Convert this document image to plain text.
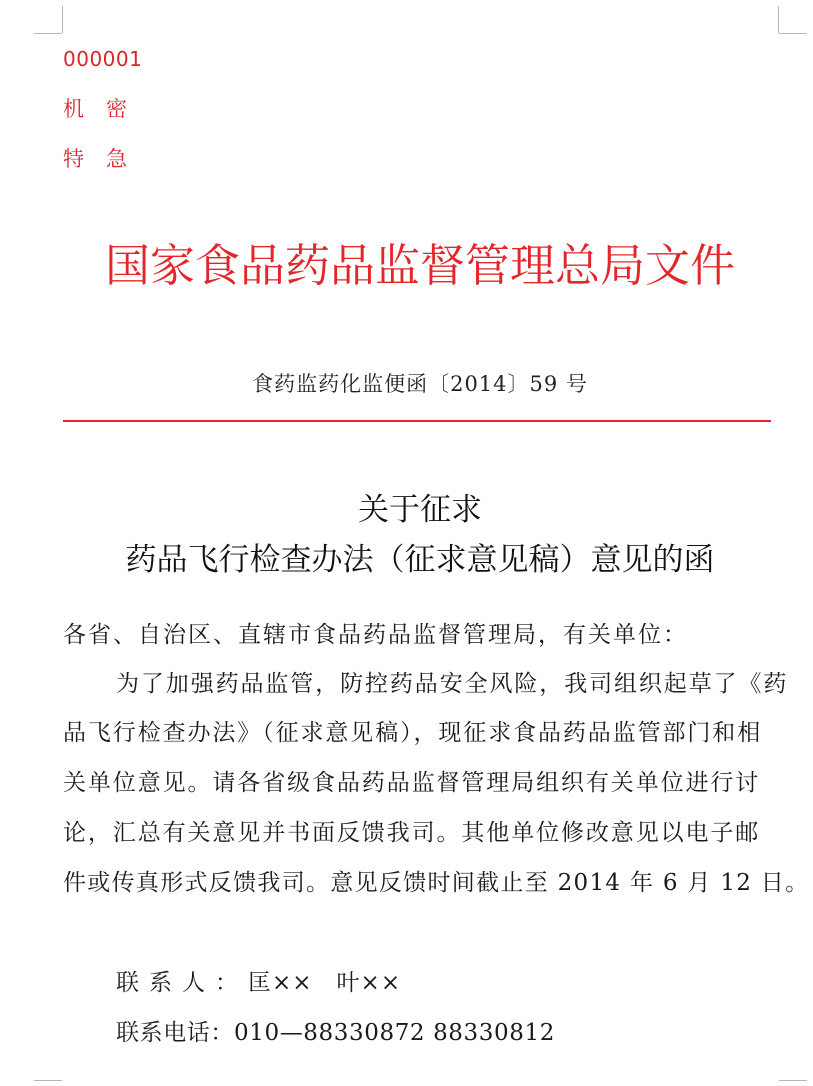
000001
机密
特急
国家食品药品监督管理总局文件
食药监药化监便函〔2014〕59 号
关于征求
药品飞行检查办法（征求意见稿）意见的函
各省、自治区、直辖市食品药品监督管理局，有关单位：
为了加强药品监管，防控药品安全风险，我司组织起草了《药
品飞行检查办法》（征求意见稿），现征求食品药品监管部门和相
关单位意见。请各省级食品药品监督管理局组织有关单位进行讨
论，汇总有关意见并书面反馈我司。其他单位修改意见以电子邮
件或传真形式反馈我司。意见反馈时间截止至 2014 年 6 月 12 日。
联系人：匡××　叶××
联系电话：010—88330872 88330812
